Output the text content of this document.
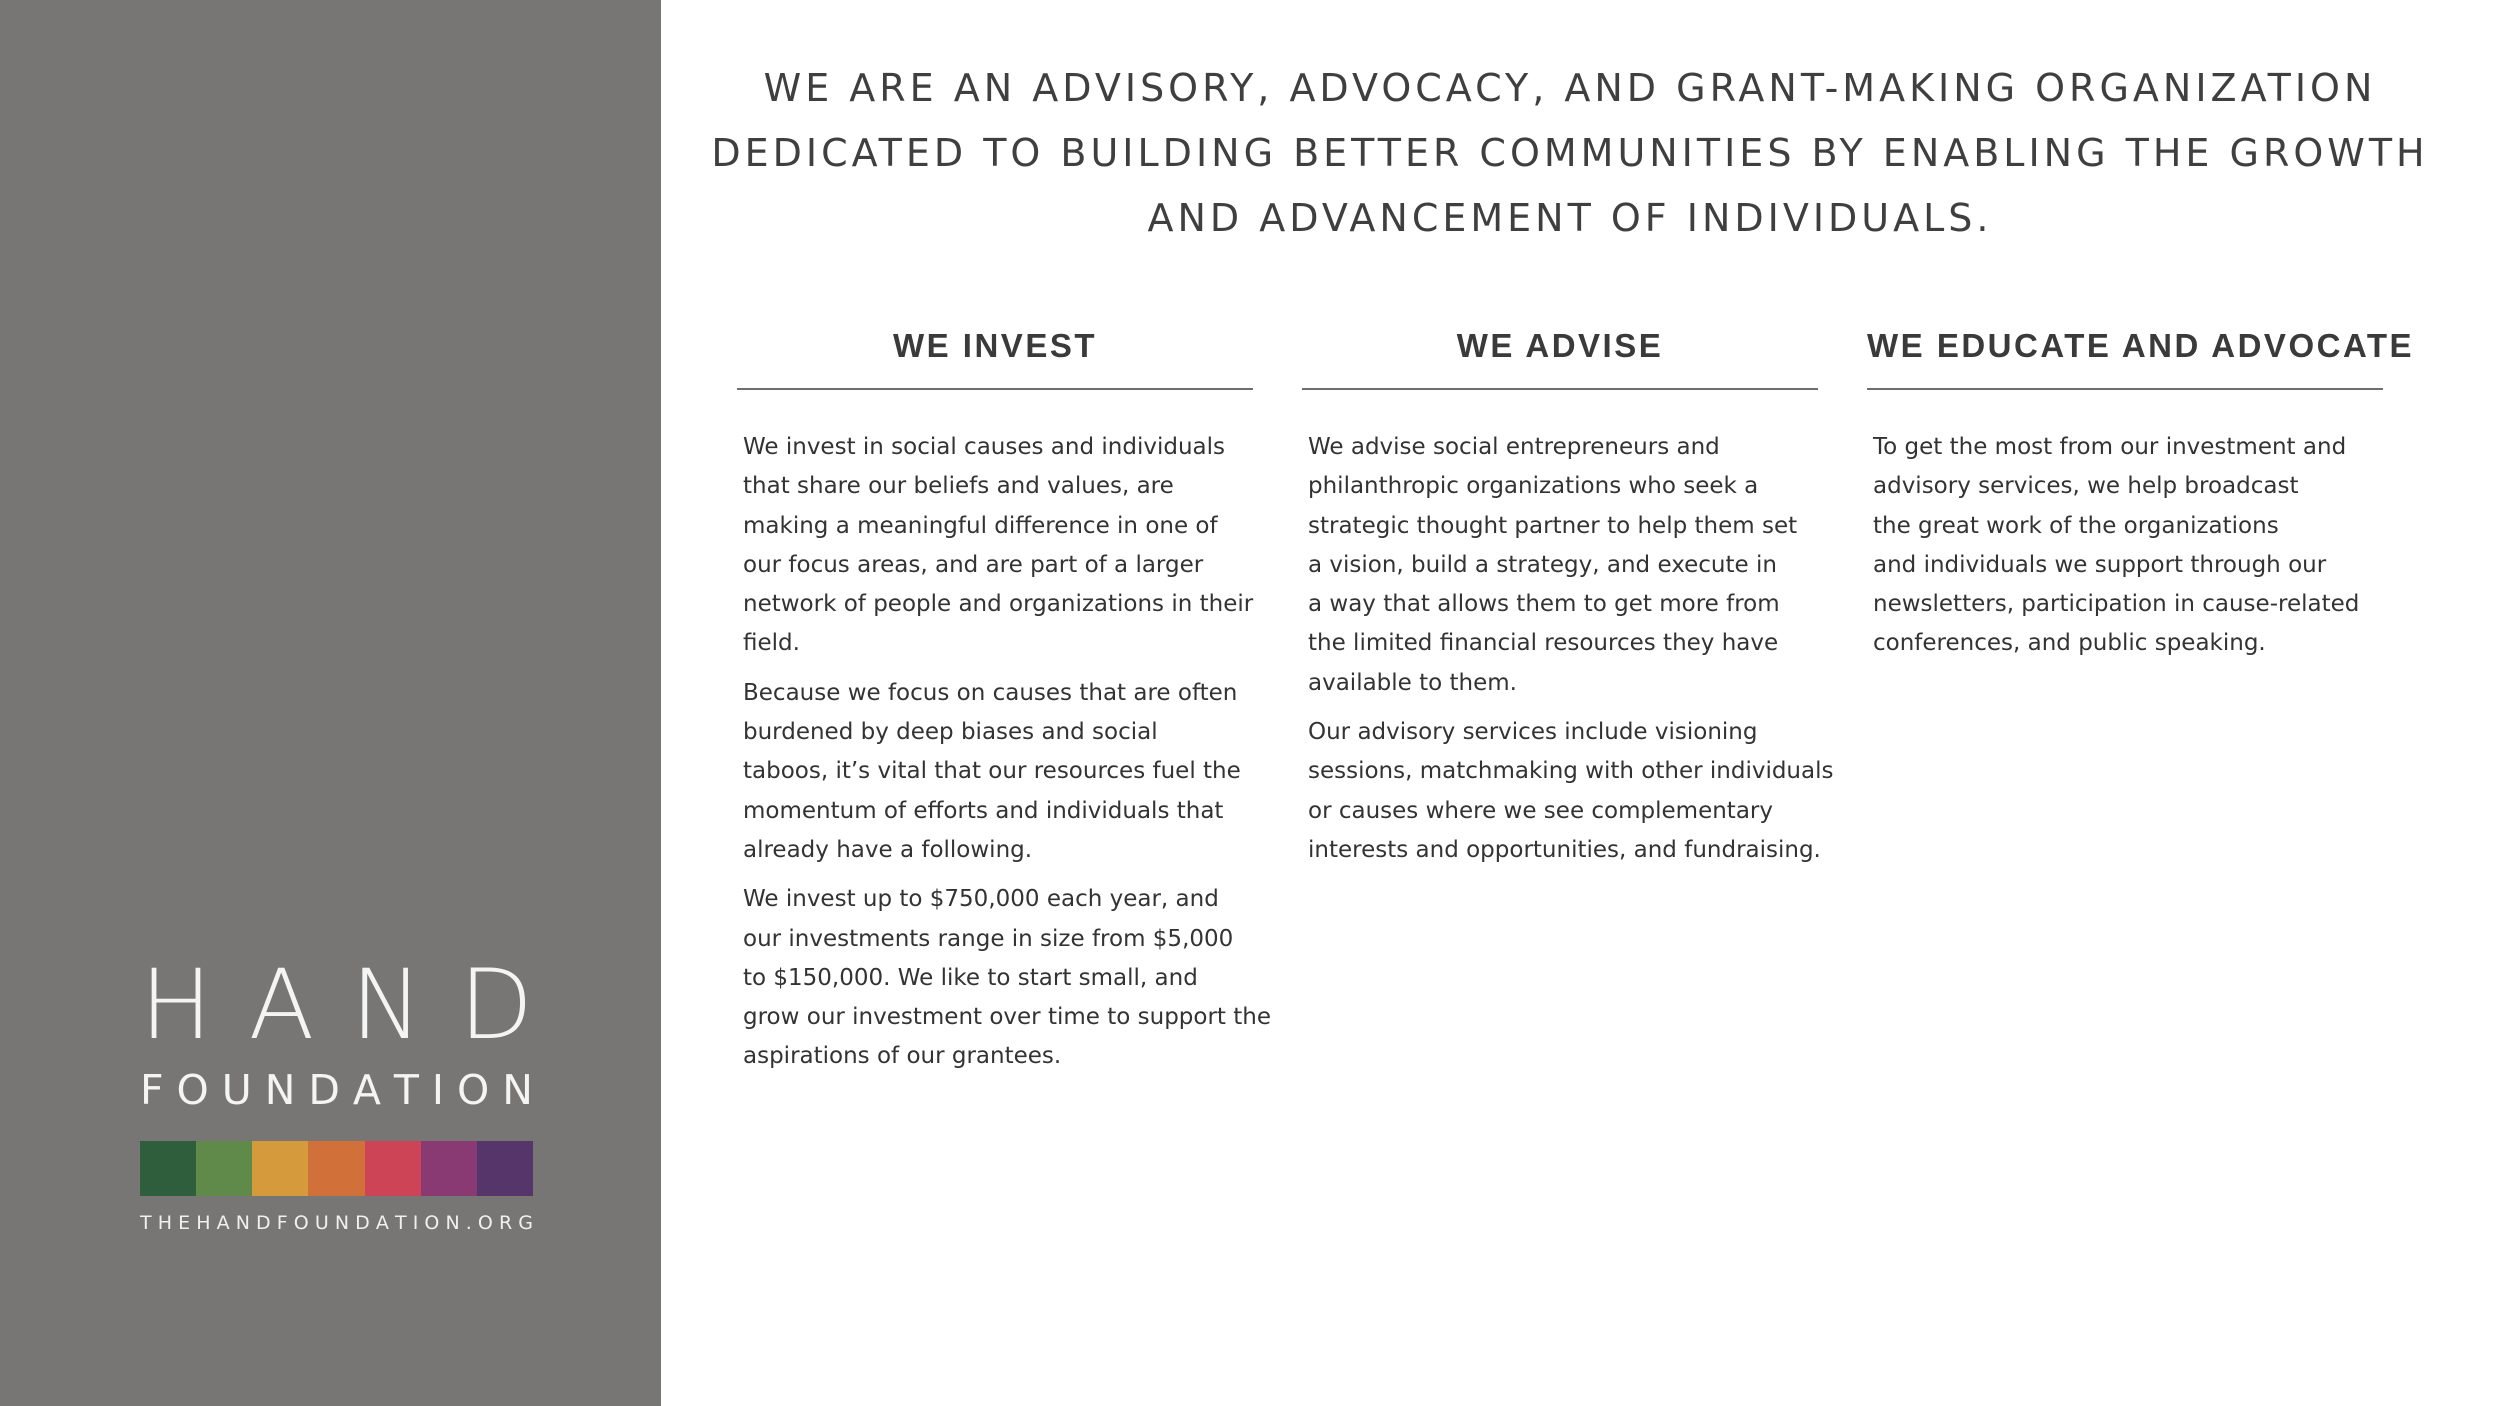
H A N D
F O U N D A T I O N
T H E H A N D F O U N D A T I O N . O R G
WE ARE AN ADVISORY, ADVOCACY, AND GRANT-MAKING ORGANIZATION
DEDICATED TO BUILDING BETTER COMMUNITIES BY ENABLING THE GROWTH
AND ADVANCEMENT OF INDIVIDUALS.
WE INVEST

We invest in social causes and individuals
that share our beliefs and values, are
making a meaningful difference in one of
our focus areas, and are part of a larger
network of people and organizations in their
field.

Because we focus on causes that are often
burdened by deep biases and social
taboos, it’s vital that our resources fuel the
momentum of efforts and individuals that
already have a following.

We invest up to $750,000 each year, and
our investments range in size from $5,000
to $150,000. We like to start small, and
grow our investment over time to support the
aspirations of our grantees.

WE ADVISE

We advise social entrepreneurs and
philanthropic organizations who seek a
strategic thought partner to help them set
a vision, build a strategy, and execute in
a way that allows them to get more from
the limited financial resources they have
available to them.

Our advisory services include visioning
sessions, matchmaking with other individuals
or causes where we see complementary
interests and opportunities, and fundraising.

WE EDUCATE AND ADVOCATE

To get the most from our investment and
advisory services, we help broadcast
the great work of the organizations
and individuals we support through our
newsletters, participation in cause-related
conferences, and public speaking.
